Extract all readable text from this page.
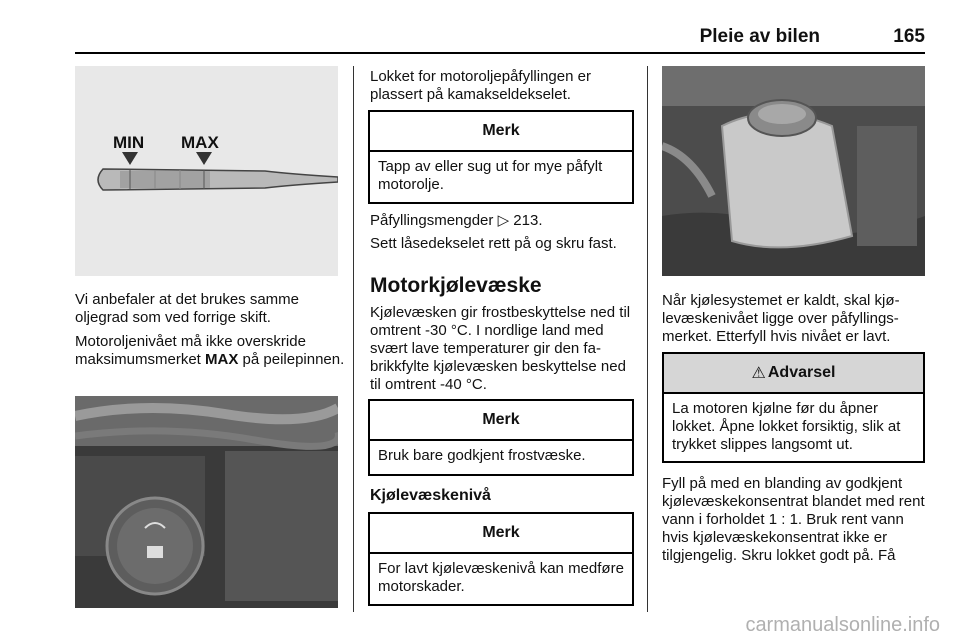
Pleie av bilen	165
MIN MAX

Vi anbefaler at det brukes samme oljegrad som ved forrige skift.

Motoroljenivået må ikke overskride maksimumsmerket MAX på peilepinnen.

Lokket for motoroljepåfyllingen er plassert på kamakseldekselet.

Merk
Tapp av eller sug ut for mye påfylt motorolje.

Påfyllingsmengder ▷ 213.

Sett låsedekselet rett på og skru fast.

Motorkjølevæske

Kjølevæsken gir frostbeskyttelse ned til omtrent -30 °C. I nordlige land med svært lave temperaturer gir den fabrikkfylte kjølevæsken beskyttelse ned til omtrent -40 °C.

Merk
Bruk bare godkjent frostvæske.
Kjølevæskenivå
Merk
For lavt kjølevæskenivå kan medføre motorskader.

Når kjølesystemet er kaldt, skal kjølevæskenivået ligge over påfyllingsmerket. Etterfyll hvis nivået er lavt.

⚠ Advarsel
La motoren kjølne før du åpner lokket. Åpne lokket forsiktig, slik at trykket slippes langsomt ut.

Fyll på med en blanding av godkjent kjølevæskekonsentrat blandet med rent vann i forholdet 1 : 1. Bruk rent vann hvis kjølevæskekonsentrat ikke er tilgjengelig. Skru lokket godt på. Få

carmanualsonline.info
